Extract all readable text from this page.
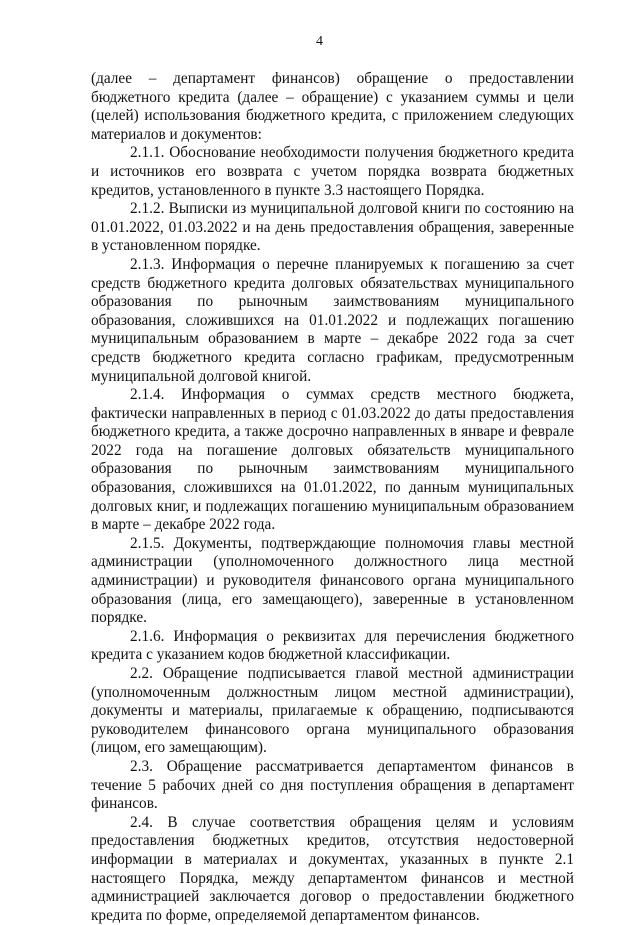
4

(далее – департамент финансов) обращение о предоставлении бюджетного кредита (далее – обращение) с указанием суммы и цели (целей) использования бюджетного кредита, с приложением следующих материалов и документов:

2.1.1. Обоснование необходимости получения бюджетного кредита и источников его возврата с учетом порядка возврата бюджетных кредитов, установленного в пункте 3.3 настоящего Порядка.

2.1.2. Выписки из муниципальной долговой книги по состоянию на 01.01.2022, 01.03.2022 и на день предоставления обращения, заверенные в установленном порядке.

2.1.3. Информация о перечне планируемых к погашению за счет средств бюджетного кредита долговых обязательствах муниципального образования по рыночным заимствованиям муниципального образования, сложившихся на 01.01.2022 и подлежащих погашению муниципальным образованием в марте – декабре 2022 года за счет средств бюджетного кредита согласно графикам, предусмотренным муниципальной долговой книгой.

2.1.4. Информация о суммах средств местного бюджета, фактически направленных в период с 01.03.2022 до даты предоставления бюджетного кредита, а также досрочно направленных в январе и феврале 2022 года на погашение долговых обязательств муниципального образования по рыночным заимствованиям муниципального образования, сложившихся на 01.01.2022, по данным муниципальных долговых книг, и подлежащих погашению муниципальным образованием в марте – декабре 2022 года.

2.1.5. Документы, подтверждающие полномочия главы местной администрации (уполномоченного должностного лица местной администрации) и руководителя финансового органа муниципального образования (лица, его замещающего), заверенные в установленном порядке.

2.1.6. Информация о реквизитах для перечисления бюджетного кредита с указанием кодов бюджетной классификации.

2.2. Обращение подписывается главой местной администрации (уполномоченным должностным лицом местной администрации), документы и материалы, прилагаемые к обращению, подписываются руководителем финансового органа муниципального образования (лицом, его замещающим).

2.3. Обращение рассматривается департаментом финансов в течение 5 рабочих дней со дня поступления обращения в департамент финансов.

2.4. В случае соответствия обращения целям и условиям предоставления бюджетных кредитов, отсутствия недостоверной информации в материалах и документах, указанных в пункте 2.1 настоящего Порядка, между департаментом финансов и местной администрацией заключается договор о предоставлении бюджетного кредита по форме, определяемой департаментом финансов.
